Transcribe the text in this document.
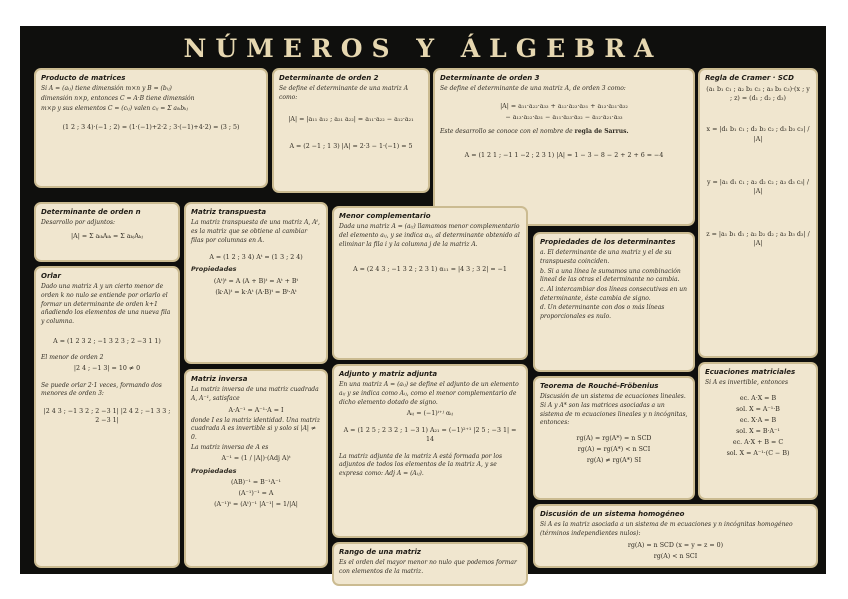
NÚMEROS Y ÁLGEBRA
Producto de matrices
Si A = (aᵢⱼ) tiene dimensión m×n y B = (bᵢⱼ)
dimensión n×p, entonces C = A·B tiene dimensión
m×p y sus elementos C = (cᵢⱼ) valen cᵢⱼ = Σ aᵢₖbₖⱼ
(1 2 ; 3 4)·(−1 ; 2) = (1·(−1)+2·2 ; 3·(−1)+4·2) = (3 ; 5)
Determinante de orden 2
Se define el determinante de una matriz A como:
|A| = |a₁₁ a₁₂ ; a₂₁ a₂₂| = a₁₁·a₂₂ − a₁₂·a₂₁
A = (2 −1 ; 1 3) |A| = 2·3 − 1·(−1) = 5
Determinante de orden 3
Se define el determinante de una matriz A, de orden 3 como:
|A| = a₁₁·a₂₂·a₃₃ + a₁₂·a₂₃·a₃₁ + a₁₃·a₂₁·a₃₂
− a₁₃·a₂₂·a₃₁ − a₁₁·a₂₃·a₃₂ − a₁₂·a₂₁·a₃₃
Este desarrollo se conoce con el nombre de regla de Sarrus.
A = (1 2 1 ; −1 1 −2 ; 2 3 1) |A| = 1 − 3 − 8 − 2 + 2 + 6 = −4
Regla de Cramer · SCD
(a₁ b₁ c₁ ; a₂ b₂ c₂ ; a₃ b₃ c₃)·(x ; y ; z) = (d₁ ; d₂ ; d₃)
x = |d₁ b₁ c₁ ; d₂ b₂ c₂ ; d₃ b₃ c₃| / |A|
y = |a₁ d₁ c₁ ; a₂ d₂ c₂ ; a₃ d₃ c₃| / |A|
z = |a₁ b₁ d₁ ; a₂ b₂ d₂ ; a₃ b₃ d₃| / |A|
Determinante de orden n
Desarrollo por adjuntos:
|A| = Σ aᵢₖAᵢₖ = Σ aₖⱼAₖⱼ
Orlar
Dado una matriz A y un cierto menor de orden k no nulo se entiende por orlarlo el formar un determinante de orden k+1 añadiendo los elementos de una nueva fila y columna.
A = (1 2 3 2 ; −1 3 2 3 ; 2 −3 1 1)
El menor de orden 2
|2 4 ; −1 3| = 10 ≠ 0
Se puede orlar 2·1 veces, formando dos menores de orden 3:
|2 4 3 ; −1 3 2 ; 2 −3 1| |2 4 2 ; −1 3 3 ; 2 −3 1|
Matriz transpuesta
La matriz transpuesta de una matriz A, Aᵗ, es la matriz que se obtiene al cambiar filas por columnas en A.
A = (1 2 ; 3 4) Aᵗ = (1 3 ; 2 4)
Propiedades
(Aᵗ)ᵗ = A (A + B)ᵗ = Aᵗ + Bᵗ
(k·A)ᵗ = k·Aᵗ (A·B)ᵗ = Bᵗ·Aᵗ
Matriz inversa
La matriz inversa de una matriz cuadrada A, A⁻¹, satisface
A·A⁻¹ = A⁻¹·A = I
donde I es la matriz identidad. Una matriz cuadrada A es invertible si y solo si |A| ≠ 0.
La matriz inversa de A es
A⁻¹ = (1 / |A|)·(Adj A)ᵗ
Propiedades
(AB)⁻¹ = B⁻¹A⁻¹
(A⁻¹)⁻¹ = A
(A⁻¹)ᵗ = (Aᵗ)⁻¹ |A⁻¹| = 1/|A|
Menor complementario
Dada una matriz A = (aᵢⱼ) llamamos menor complementario del elemento aᵢⱼ, y se indica αᵢⱼ, al determinante obtenido al eliminar la fila i y la columna j de la matriz A.
A = (2 4 3 ; −1 3 2 ; 2 3 1) α₁₁ = |4 3 ; 3 2| = −1
Adjunto y matriz adjunta
En una matriz A = (aᵢⱼ) se define el adjunto de un elemento aᵢⱼ y se indica como Aᵢⱼ, como el menor complementario de dicho elemento dotado de signo.
Aᵢⱼ = (−1)ⁱ⁺ʲ αᵢⱼ
A = (1 2 5 ; 2 3 2 ; 1 −3 1) A₂₁ = (−1)²⁺¹ |2 5 ; −3 1| = 14
La matriz adjunta de la matriz A está formada por los adjuntos de todos los elementos de la matriz A, y se expresa como: Adj A = (Aᵢⱼ).
Rango de una matriz
Es el orden del mayor menor no nulo que podemos formar con elementos de la matriz.
Propiedades de los determinantes
a. El determinante de una matriz y el de su transpuesta coinciden.
b. Si a una línea le sumamos una combinación lineal de las otras el determinante no cambia.
c. Al intercambiar dos líneas consecutivas en un determinante, éste cambia de signo.
d. Un determinante con dos o más líneas proporcionales es nulo.
Teorema de Rouché-Fröbenius
Discusión de un sistema de ecuaciones lineales. Si A y A* son las matrices asociadas a un sistema de m ecuaciones lineales y n incógnitas, entonces:
rg(A) = rg(A*) = n SCD
rg(A) = rg(A*) < n SCI
rg(A) ≠ rg(A*) SI
Discusión de un sistema homogéneo
Si A es la matriz asociada a un sistema de m ecuaciones y n incógnitas homogéneo (términos independientes nulos):
rg(A) = n SCD (x = y = z = 0)
rg(A) < n SCI
Ecuaciones matriciales
Si A es invertible, entonces
ec. A·X = B
sol. X = A⁻¹·B
ec. X·A = B
sol. X = B·A⁻¹
ec. A·X + B = C
sol. X = A⁻¹·(C − B)
